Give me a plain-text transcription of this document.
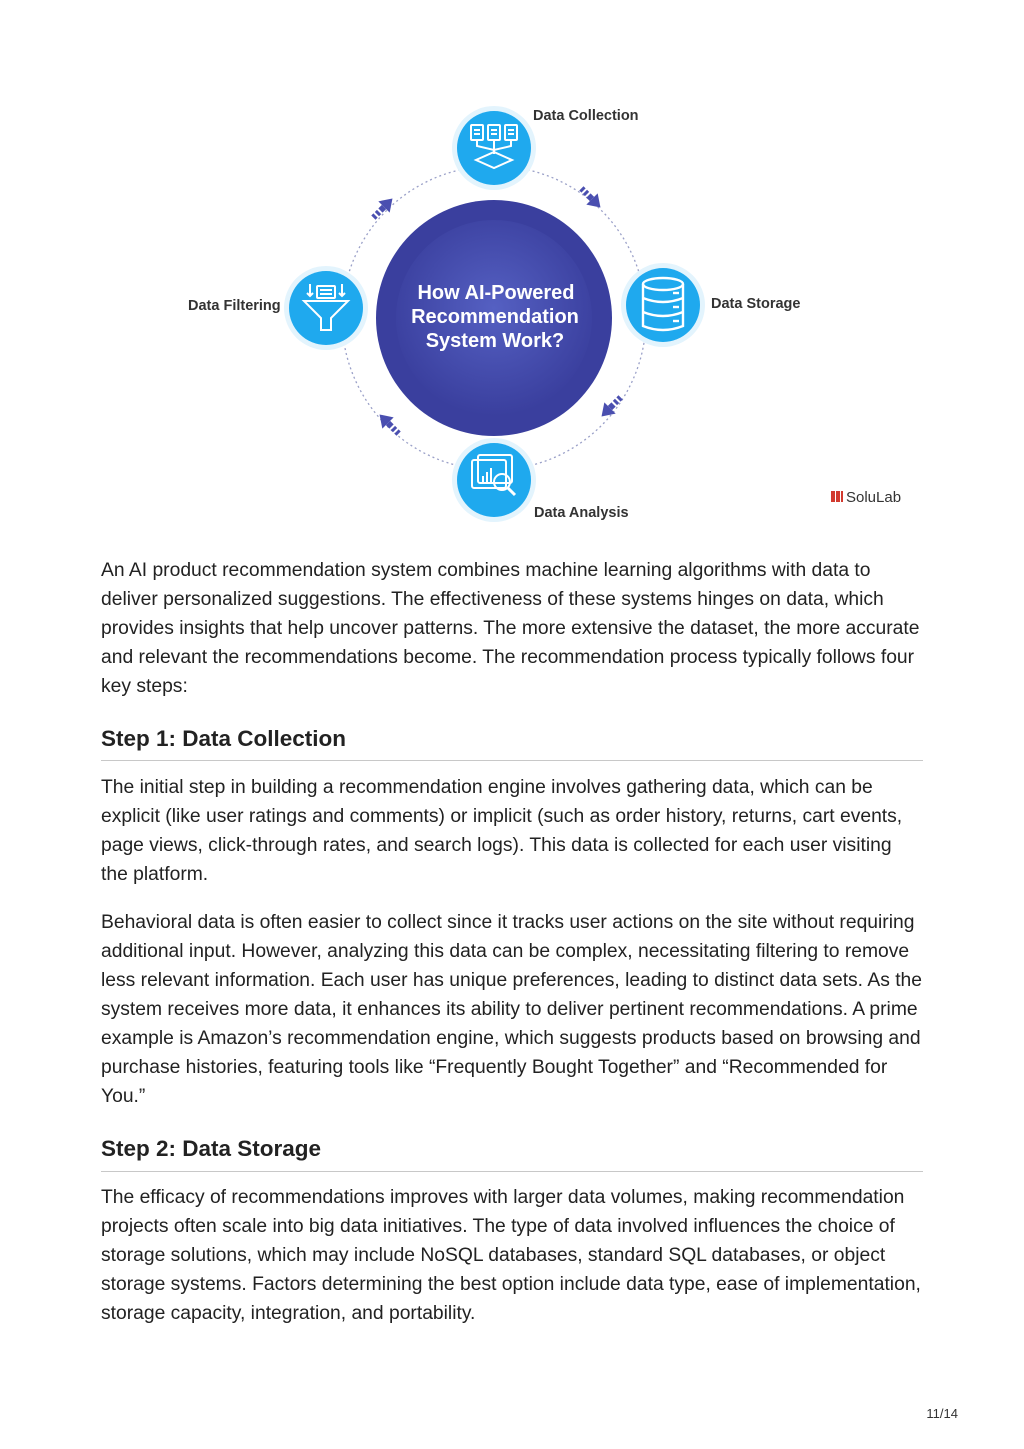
How AI-Powered
Recommendation
System Work?
Data Collection
Data Storage
Data Analysis
Data Filtering
SoluLab

An AI product recommendation system combines machine learning algorithms with data to deliver personalized suggestions. The effectiveness of these systems hinges on data, which provides insights that help uncover patterns. The more extensive the dataset, the more accurate and relevant the recommendations become. The recommendation process typically follows four key steps:

Step 1: Data Collection

The initial step in building a recommendation engine involves gathering data, which can be explicit (like user ratings and comments) or implicit (such as order history, returns, cart events, page views, click-through rates, and search logs). This data is collected for each user visiting the platform.

Behavioral data is often easier to collect since it tracks user actions on the site without requiring additional input. However, analyzing this data can be complex, necessitating filtering to remove less relevant information. Each user has unique preferences, leading to distinct data sets. As the system receives more data, it enhances its ability to deliver pertinent recommendations. A prime example is Amazon’s recommendation engine, which suggests products based on browsing and purchase histories, featuring tools like “Frequently Bought Together” and “Recommended for You.”

Step 2: Data Storage

The efficacy of recommendations improves with larger data volumes, making recommendation projects often scale into big data initiatives. The type of data involved influences the choice of storage solutions, which may include NoSQL databases, standard SQL databases, or object storage systems. Factors determining the best option include data type, ease of implementation, storage capacity, integration, and portability.

11/14
